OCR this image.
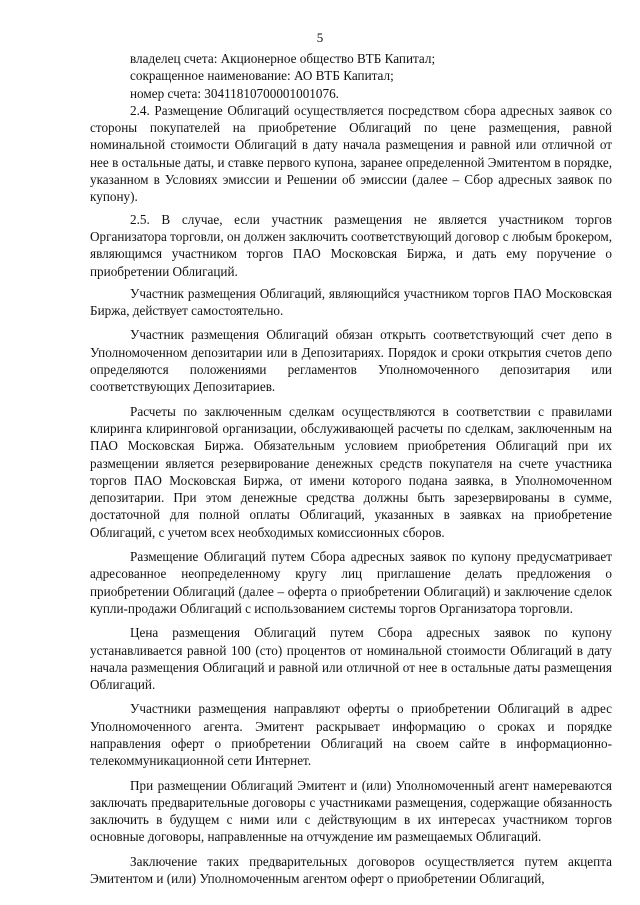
5

владелец счета: Акционерное общество ВТБ Капитал;

сокращенное наименование: АО ВТБ Капитал;

номер счета: 30411810700001001076.

2.4. Размещение Облигаций осуществляется посредством сбора адресных заявок со стороны покупателей на приобретение Облигаций по цене размещения, равной номинальной стоимости Облигаций в дату начала размещения и равной или отличной от нее в остальные даты, и ставке первого купона, заранее определенной Эмитентом в порядке, указанном в Условиях эмиссии и Решении об эмиссии (далее – Сбор адресных заявок по купону).

2.5. В случае, если участник размещения не является участником торгов Организатора торговли, он должен заключить соответствующий договор с любым брокером, являющимся участником торгов ПАО Московская Биржа, и дать ему поручение о приобретении Облигаций.

Участник размещения Облигаций, являющийся участником торгов ПАО Московская Биржа, действует самостоятельно.

Участник размещения Облигаций обязан открыть соответствующий счет депо в Уполномоченном депозитарии или в Депозитариях. Порядок и сроки открытия счетов депо определяются положениями регламентов Уполномоченного депозитария или соответствующих Депозитариев.

Расчеты по заключенным сделкам осуществляются в соответствии с правилами клиринга клиринговой организации, обслуживающей расчеты по сделкам, заключенным на ПАО Московская Биржа. Обязательным условием приобретения Облигаций при их размещении является резервирование денежных средств покупателя на счете участника торгов ПАО Московская Биржа, от имени которого подана заявка, в Уполномоченном депозитарии. При этом денежные средства должны быть зарезервированы в сумме, достаточной для полной оплаты Облигаций, указанных в заявках на приобретение Облигаций, с учетом всех необходимых комиссионных сборов.

Размещение Облигаций путем Сбора адресных заявок по купону предусматривает адресованное неопределенному кругу лиц приглашение делать предложения о приобретении Облигаций (далее – оферта о приобретении Облигаций) и заключение сделок купли-продажи Облигаций с использованием системы торгов Организатора торговли.

Цена размещения Облигаций путем Сбора адресных заявок по купону устанавливается равной 100 (сто) процентов от номинальной стоимости Облигаций в дату начала размещения Облигаций и равной или отличной от нее в остальные даты размещения Облигаций.

Участники размещения направляют оферты о приобретении Облигаций в адрес Уполномоченного агента. Эмитент раскрывает информацию о сроках и порядке направления оферт о приобретении Облигаций на своем сайте в информационно-телекоммуникационной сети Интернет.

При размещении Облигаций Эмитент и (или) Уполномоченный агент намереваются заключать предварительные договоры с участниками размещения, содержащие обязанность заключить в будущем с ними или с действующим в их интересах участником торгов основные договоры, направленные на отчуждение им размещаемых Облигаций.

Заключение таких предварительных договоров осуществляется путем акцепта Эмитентом и (или) Уполномоченным агентом оферт о приобретении Облигаций,
